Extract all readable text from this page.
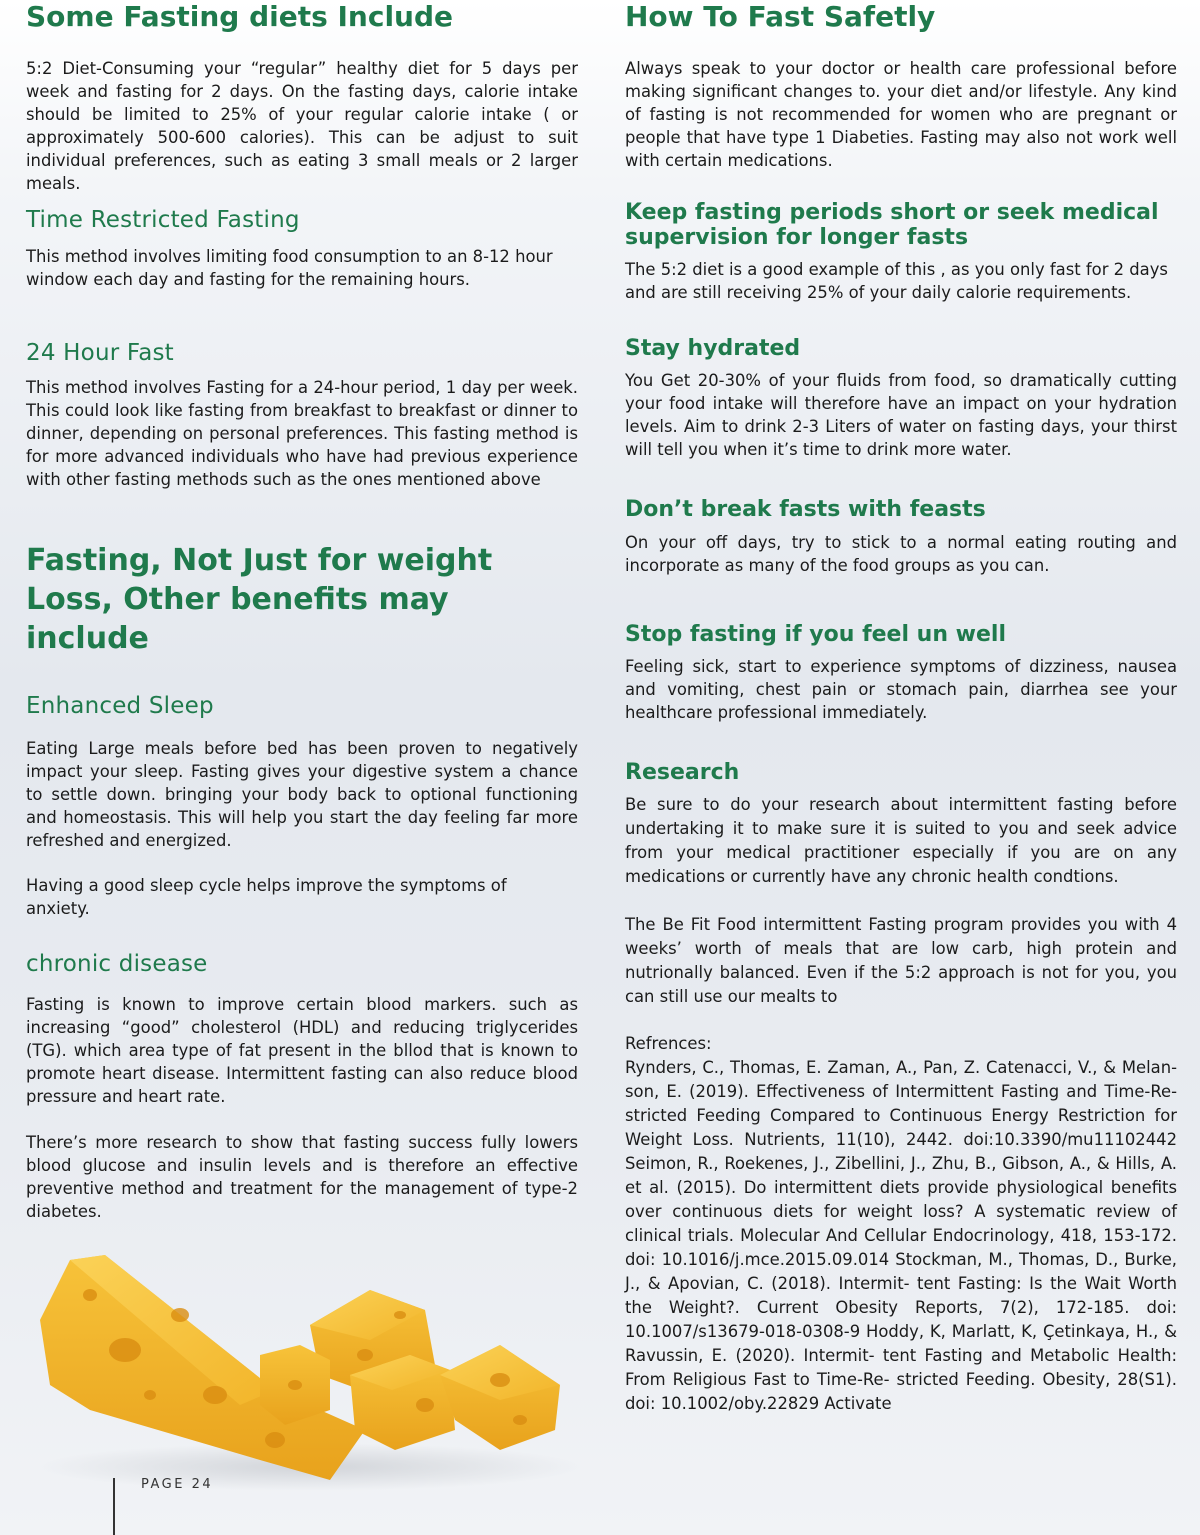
Some Fasting diets Include

5:2 Diet-Consuming your “regular” healthy diet for 5 days per week and fasting for 2 days. On the fasting days, calorie intake should be limited to 25% of your regular calorie intake ( or approximately 500-600 calories). This can be adjust to suit individual preferences, such as eating 3 small meals or 2 larger meals.

Time Restricted Fasting

This method involves limiting food consumption to an 8-12 hour window each day and fasting for the remaining hours.

24 Hour Fast

This method involves Fasting for a 24-hour period, 1 day per week. This could look like fasting from breakfast to breakfast or dinner to dinner, depending on personal preferences. This fasting method is for more advanced individuals who have had previous experience with other fasting methods such as the ones mentioned above

Fasting, Not Just for weight Loss, Other benefits may include
Enhanced Sleep

Eating Large meals before bed has been proven to negatively impact your sleep. Fasting gives your digestive system a chance to settle down. bringing your body back to optional functioning and homeostasis. This will help you start the day feeling far more refreshed and energized.

Having a good sleep cycle helps improve the symptoms of anxiety.

chronic disease

Fasting is known to improve certain blood markers. such as increasing “good” cholesterol (HDL) and reducing triglycerides (TG). which area type of fat present in the bllod that is known to promote heart disease. Intermittent fasting can also reduce blood pressure and heart rate.

There’s more research to show that fasting success fully lowers blood glucose and insulin levels and is therefore an effective preventive method and treatment for the management of type-2 diabetes.

How To Fast Safetly

Always speak to your doctor or health care professional before making significant changes to. your diet and/or lifestyle. Any kind of fasting is not recommended for women who are pregnant or people that have type 1 Diabeties. Fasting may also not work well with certain medications.

Keep fasting periods short or seek medical supervision for longer fasts

The 5:2 diet is a good example of this , as you only fast for 2 days and are still receiving 25% of your daily calorie requirements.

Stay hydrated

You Get 20-30% of your fluids from food, so dramatically cutting your food intake will therefore have an impact on your hydration levels. Aim to drink 2-3 Liters of water on fasting days, your thirst will tell you when it’s time to drink more water.

Don’t break fasts with feasts

On your off days, try to stick to a normal eating routing and incorporate as many of the food groups as you can.

Stop fasting if you feel un well

Feeling sick, start to experience symptoms of dizziness, nausea and vomiting, chest pain or stomach pain, diarrhea see your healthcare professional immediately.

Research

Be sure to do your research about intermittent fasting before undertaking it to make sure it is suited to you and seek advice from your medical practitioner especially if you are on any medications or currently have any chronic health condtions.

The Be Fit Food intermittent Fasting program provides you with 4 weeks’ worth of meals that are low carb, high protein and nutrionally balanced. Even if the 5:2 approach is not for you, you can still use our mealts to

Refrences:

Rynders, C., Thomas, E. Zaman, A., Pan, Z. Catenacci, V., & Melan- son, E. (2019). Effectiveness of Intermittent Fasting and Time-Re- stricted Feeding Compared to Continuous Energy Restriction for Weight Loss. Nutrients, 11(10), 2442. doi:10.3390/mu11102442 Seimon, R., Roekenes, J., Zibellini, J., Zhu, B., Gibson, A., & Hills, A. et al. (2015). Do intermittent diets provide physiological benefits over continuous diets for weight loss? A systematic review of clinical trials. Molecular And Cellular Endocrinology, 418, 153-172. doi: 10.1016/j.mce.2015.09.014 Stockman, M., Thomas, D., Burke, J., & Apovian, C. (2018). Intermit- tent Fasting: Is the Wait Worth the Weight?. Current Obesity Reports, 7(2), 172-185. doi: 10.1007/s13679-018-0308-9 Hoddy, K, Marlatt, K, Çetinkaya, H., & Ravussin, E. (2020). Intermit- tent Fasting and Metabolic Health: From Religious Fast to Time-Re- stricted Feeding. Obesity, 28(S1). doi: 10.1002/oby.22829 Activate

PAGE 24
